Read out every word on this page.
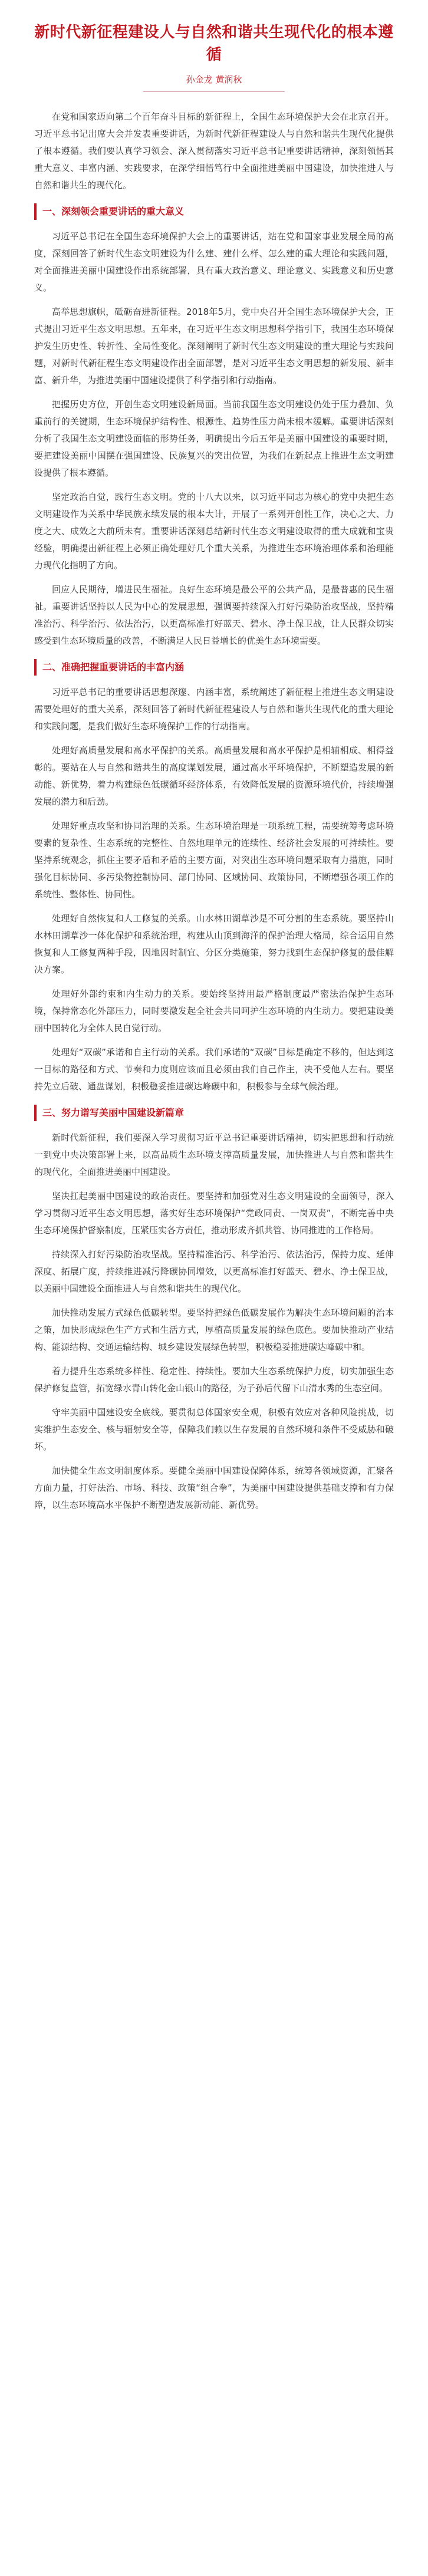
新时代新征程建设人与自然和谐共生现代化的根本遵循
孙金龙 黄润秋

在党和国家迈向第二个百年奋斗目标的新征程上，全国生态环境保护大会在北京召开。习近平总书记出席大会并发表重要讲话，为新时代新征程建设人与自然和谐共生现代化提供了根本遵循。我们要认真学习领会、深入贯彻落实习近平总书记重要讲话精神，深刻领悟其重大意义、丰富内涵、实践要求，在深学细悟笃行中全面推进美丽中国建设，加快推进人与自然和谐共生的现代化。

一、深刻领会重要讲话的重大意义

习近平总书记在全国生态环境保护大会上的重要讲话，站在党和国家事业发展全局的高度，深刻回答了新时代生态文明建设为什么建、建什么样、怎么建的重大理论和实践问题，对全面推进美丽中国建设作出系统部署，具有重大政治意义、理论意义、实践意义和历史意义。

高举思想旗帜，砥砺奋进新征程。2018年5月，党中央召开全国生态环境保护大会，正式提出习近平生态文明思想。五年来，在习近平生态文明思想科学指引下，我国生态环境保护发生历史性、转折性、全局性变化。深刻阐明了新时代生态文明建设的重大理论与实践问题，对新时代新征程生态文明建设作出全面部署，是对习近平生态文明思想的新发展、新丰富、新升华，为推进美丽中国建设提供了科学指引和行动指南。

把握历史方位，开创生态文明建设新局面。当前我国生态文明建设仍处于压力叠加、负重前行的关键期，生态环境保护结构性、根源性、趋势性压力尚未根本缓解。重要讲话深刻分析了我国生态文明建设面临的形势任务，明确提出今后五年是美丽中国建设的重要时期，要把建设美丽中国摆在强国建设、民族复兴的突出位置，为我们在新起点上推进生态文明建设提供了根本遵循。

坚定政治自觉，践行生态文明。党的十八大以来，以习近平同志为核心的党中央把生态文明建设作为关系中华民族永续发展的根本大计，开展了一系列开创性工作，决心之大、力度之大、成效之大前所未有。重要讲话深刻总结新时代生态文明建设取得的重大成就和宝贵经验，明确提出新征程上必须正确处理好几个重大关系，为推进生态环境治理体系和治理能力现代化指明了方向。

回应人民期待，增进民生福祉。良好生态环境是最公平的公共产品，是最普惠的民生福祉。重要讲话坚持以人民为中心的发展思想，强调要持续深入打好污染防治攻坚战，坚持精准治污、科学治污、依法治污，以更高标准打好蓝天、碧水、净土保卫战，让人民群众切实感受到生态环境质量的改善，不断满足人民日益增长的优美生态环境需要。

二、准确把握重要讲话的丰富内涵

习近平总书记的重要讲话思想深邃、内涵丰富，系统阐述了新征程上推进生态文明建设需要处理好的重大关系，深刻回答了新时代新征程建设人与自然和谐共生现代化的重大理论和实践问题，是我们做好生态环境保护工作的行动指南。

处理好高质量发展和高水平保护的关系。高质量发展和高水平保护是相辅相成、相得益彰的。要站在人与自然和谐共生的高度谋划发展，通过高水平环境保护，不断塑造发展的新动能、新优势，着力构建绿色低碳循环经济体系，有效降低发展的资源环境代价，持续增强发展的潜力和后劲。

处理好重点攻坚和协同治理的关系。生态环境治理是一项系统工程，需要统筹考虑环境要素的复杂性、生态系统的完整性、自然地理单元的连续性、经济社会发展的可持续性。要坚持系统观念，抓住主要矛盾和矛盾的主要方面，对突出生态环境问题采取有力措施，同时强化目标协同、多污染物控制协同、部门协同、区域协同、政策协同，不断增强各项工作的系统性、整体性、协同性。

处理好自然恢复和人工修复的关系。山水林田湖草沙是不可分割的生态系统。要坚持山水林田湖草沙一体化保护和系统治理，构建从山顶到海洋的保护治理大格局，综合运用自然恢复和人工修复两种手段，因地因时制宜、分区分类施策，努力找到生态保护修复的最佳解决方案。

处理好外部约束和内生动力的关系。要始终坚持用最严格制度最严密法治保护生态环境，保持常态化外部压力，同时要激发起全社会共同呵护生态环境的内生动力。要把建设美丽中国转化为全体人民自觉行动。

处理好“双碳”承诺和自主行动的关系。我们承诺的“双碳”目标是确定不移的，但达到这一目标的路径和方式、节奏和力度则应该而且必须由我们自己作主，决不受他人左右。要坚持先立后破、通盘谋划，积极稳妥推进碳达峰碳中和，积极参与全球气候治理。

三、努力谱写美丽中国建设新篇章

新时代新征程，我们要深入学习贯彻习近平总书记重要讲话精神，切实把思想和行动统一到党中央决策部署上来，以高品质生态环境支撑高质量发展，加快推进人与自然和谐共生的现代化，全面推进美丽中国建设。

坚决扛起美丽中国建设的政治责任。要坚持和加强党对生态文明建设的全面领导，深入学习贯彻习近平生态文明思想，落实好生态环境保护“党政同责、一岗双责”，不断完善中央生态环境保护督察制度，压紧压实各方责任，推动形成齐抓共管、协同推进的工作格局。

持续深入打好污染防治攻坚战。坚持精准治污、科学治污、依法治污，保持力度、延伸深度、拓展广度，持续推进减污降碳协同增效，以更高标准打好蓝天、碧水、净土保卫战，以美丽中国建设全面推进人与自然和谐共生的现代化。

加快推动发展方式绿色低碳转型。要坚持把绿色低碳发展作为解决生态环境问题的治本之策，加快形成绿色生产方式和生活方式，厚植高质量发展的绿色底色。要加快推动产业结构、能源结构、交通运输结构、城乡建设发展绿色转型，积极稳妥推进碳达峰碳中和。

着力提升生态系统多样性、稳定性、持续性。要加大生态系统保护力度，切实加强生态保护修复监管，拓宽绿水青山转化金山银山的路径，为子孙后代留下山清水秀的生态空间。

守牢美丽中国建设安全底线。要贯彻总体国家安全观，积极有效应对各种风险挑战，切实维护生态安全、核与辐射安全等，保障我们赖以生存发展的自然环境和条件不受威胁和破坏。

加快健全生态文明制度体系。要健全美丽中国建设保障体系，统筹各领域资源，汇聚各方面力量，打好法治、市场、科技、政策“组合拳”，为美丽中国建设提供基础支撑和有力保障，以生态环境高水平保护不断塑造发展新动能、新优势。
